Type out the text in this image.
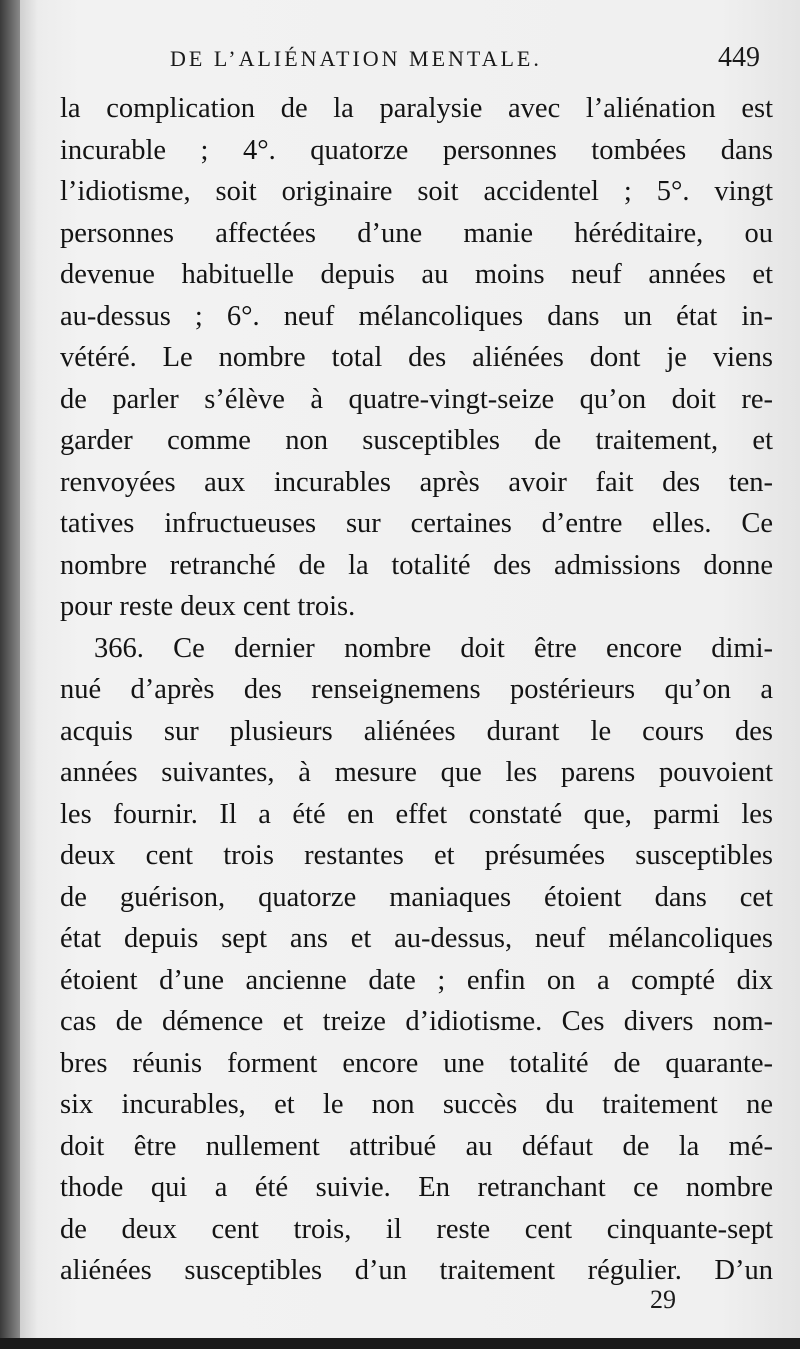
DE L’ALIÉNATION MENTALE.	449
la complication de la paralysie avec l’aliénation est
incurable ; 4°. quatorze personnes tombées dans
l’idiotisme, soit originaire soit accidentel ; 5°. vingt
personnes affectées d’une manie héréditaire, ou
devenue habituelle depuis au moins neuf années et
au-dessus ; 6°. neuf mélancoliques dans un état in-
vétéré. Le nombre total des aliénées dont je viens
de parler s’élève à quatre-vingt-seize qu’on doit re-
garder comme non susceptibles de traitement, et
renvoyées aux incurables après avoir fait des ten-
tatives infructueuses sur certaines d’entre elles. Ce
nombre retranché de la totalité des admissions donne
pour reste deux cent trois.
366. Ce dernier nombre doit être encore dimi-
nué d’après des renseignemens postérieurs qu’on a
acquis sur plusieurs aliénées durant le cours des
années suivantes, à mesure que les parens pouvoient
les fournir. Il a été en effet constaté que, parmi les
deux cent trois restantes et présumées susceptibles
de guérison, quatorze maniaques étoient dans cet
état depuis sept ans et au-dessus, neuf mélancoliques
étoient d’une ancienne date ; enfin on a compté dix
cas de démence et treize d’idiotisme. Ces divers nom-
bres réunis forment encore une totalité de quarante-
six incurables, et le non succès du traitement ne
doit être nullement attribué au défaut de la mé-
thode qui a été suivie. En retranchant ce nombre
de deux cent trois, il reste cent cinquante-sept
aliénées susceptibles d’un traitement régulier. D’un
29
